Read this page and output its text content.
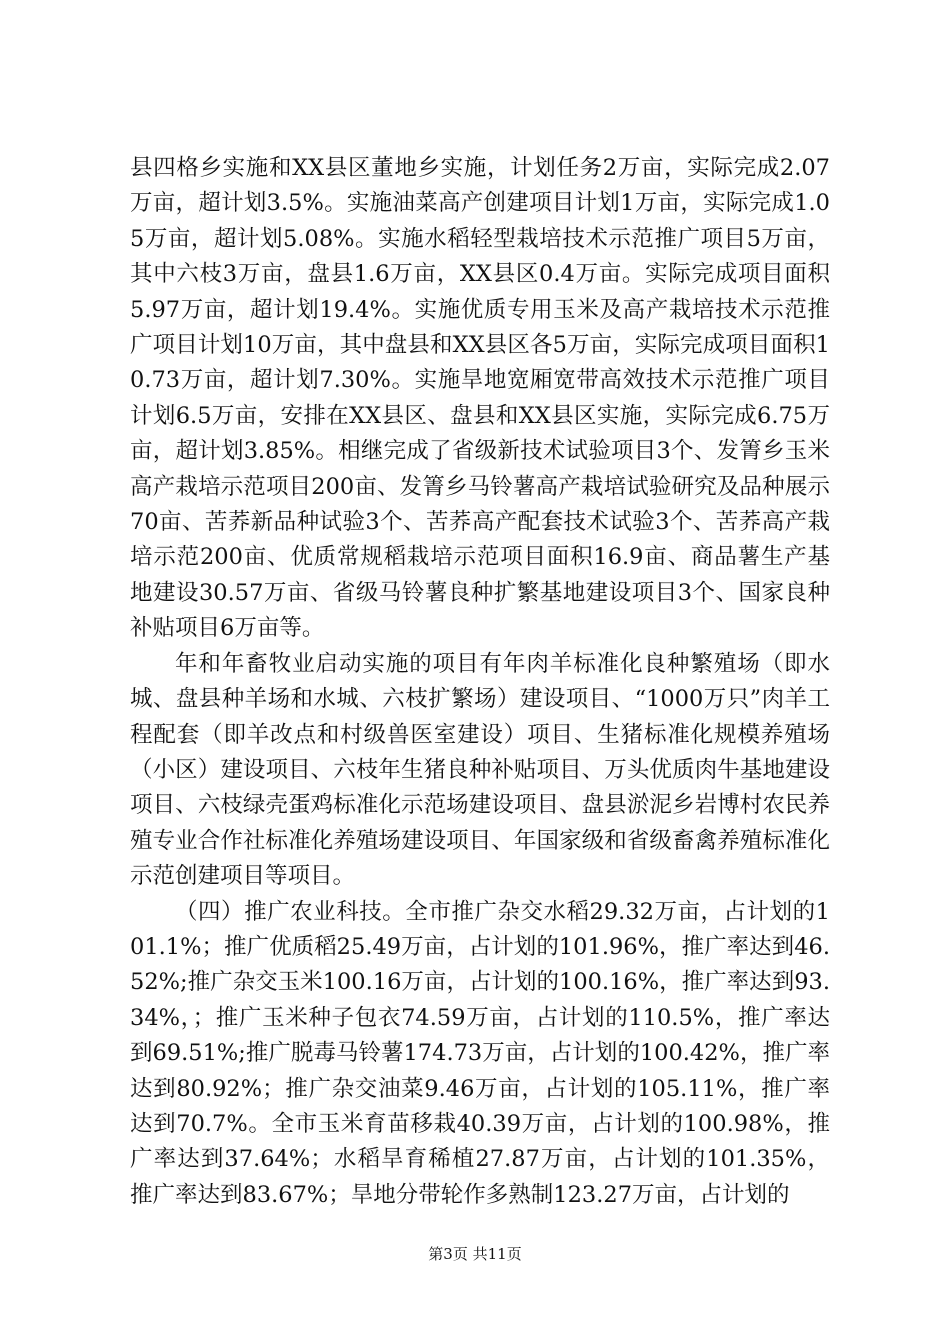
县四格乡实施和XX县区董地乡实施，计划任务2万亩，实际完成2.07万亩，超计划3.5%。实施油菜高产创建项目计划1万亩，实际完成1.05万亩，超计划5.08%。实施水稻轻型栽培技术示范推广项目5万亩，其中六枝3万亩，盘县1.6万亩，XX县区0.4万亩。实际完成项目面积5.97万亩，超计划19.4%。实施优质专用玉米及高产栽培技术示范推广项目计划10万亩，其中盘县和XX县区各5万亩，实际完成项目面积10.73万亩，超计划7.30%。实施旱地宽厢宽带高效技术示范推广项目计划6.5万亩，安排在XX县区、盘县和XX县区实施，实际完成6.75万亩，超计划3.85%。相继完成了省级新技术试验项目3个、发箐乡玉米高产栽培示范项目200亩、发箐乡马铃薯高产栽培试验研究及品种展示70亩、苦荞新品种试验3个、苦荞高产配套技术试验3个、苦荞高产栽培示范200亩、优质常规稻栽培示范项目面积16.9亩、商品薯生产基地建设30.57万亩、省级马铃薯良种扩繁基地建设项目3个、国家良种补贴项目6万亩等。

年和年畜牧业启动实施的项目有年肉羊标准化良种繁殖场（即水城、盘县种羊场和水城、六枝扩繁场）建设项目、“1000万只”肉羊工程配套（即羊改点和村级兽医室建设）项目、生猪标准化规模养殖场（小区）建设项目、六枝年生猪良种补贴项目、万头优质肉牛基地建设项目、六枝绿壳蛋鸡标准化示范场建设项目、盘县淤泥乡岩博村农民养殖专业合作社标准化养殖场建设项目、年国家级和省级畜禽养殖标准化示范创建项目等项目。

（四）推广农业科技。全市推广杂交水稻29.32万亩，占计划的101.1%；推广优质稻25.49万亩，占计划的101.96%，推广率达到46.52%;推广杂交玉米100.16万亩，占计划的100.16%，推广率达到93.34%，；推广玉米种子包衣74.59万亩，占计划的110.5%，推广率达到69.51%;推广脱毒马铃薯174.73万亩，占计划的100.42%，推广率达到80.92%；推广杂交油菜9.46万亩，占计划的105.11%，推广率达到70.7%。全市玉米育苗移栽40.39万亩，占计划的100.98%，推广率达到37.64%；水稻旱育稀植27.87万亩，占计划的101.35%，推广率达到83.67%；旱地分带轮作多熟制123.27万亩，占计划的

第3页 共11页
